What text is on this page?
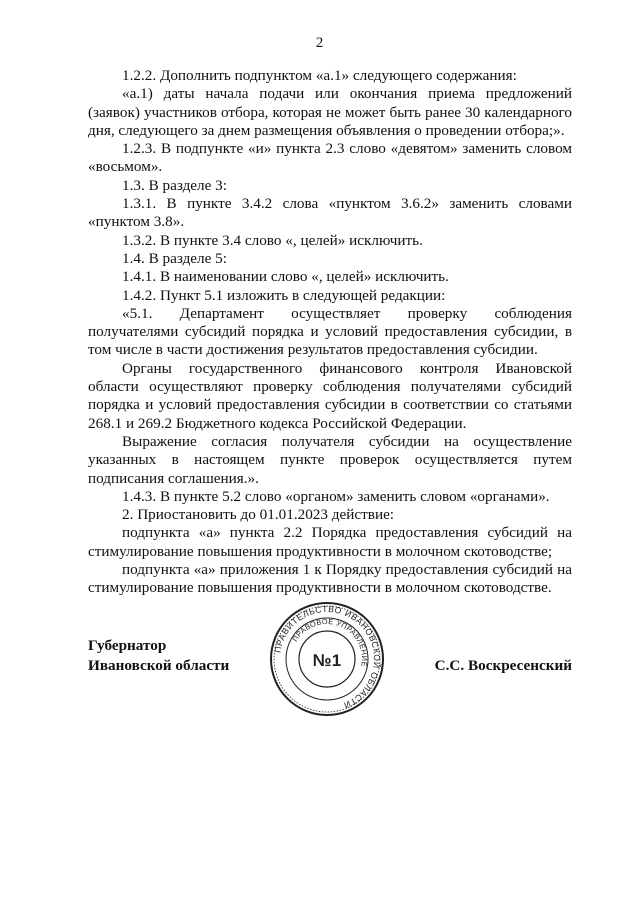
2

1.2.2. Дополнить подпунктом «а.1» следующего содержания:

«а.1) даты начала подачи или окончания приема предложений (заявок) участников отбора, которая не может быть ранее 30 календарного дня, следующего за днем размещения объявления о проведении отбора;».

1.2.3. В подпункте «и» пункта 2.3 слово «девятом» заменить словом «восьмом».

1.3. В разделе 3:

1.3.1. В пункте 3.4.2 слова «пунктом 3.6.2» заменить словами «пунктом 3.8».

1.3.2. В пункте 3.4 слово «, целей» исключить.

1.4. В разделе 5:

1.4.1. В наименовании слово «, целей» исключить.

1.4.2. Пункт 5.1 изложить в следующей редакции:

«5.1. Департамент осуществляет проверку соблюдения получателями субсидий порядка и условий предоставления субсидии, в том числе в части достижения результатов предоставления субсидии.

Органы государственного финансового контроля Ивановской области осуществляют проверку соблюдения получателями субсидий порядка и условий предоставления субсидии в соответствии со статьями 268.1 и 269.2 Бюджетного кодекса Российской Федерации.

Выражение согласия получателя субсидии на осуществление указанных в настоящем пункте проверок осуществляется путем подписания соглашения.».

1.4.3. В пункте 5.2 слово «органом» заменить словом «органами».

2. Приостановить до 01.01.2023 действие:

подпункта «а» пункта 2.2 Порядка предоставления субсидий на стимулирование повышения продуктивности в молочном скотоводстве;

подпункта «а» приложения 1 к Порядку предоставления субсидий на стимулирование повышения продуктивности в молочном скотоводстве.

Губернатор
Ивановской области
ПРАВИТЕЛЬСТВО ИВАНОВСКОЙ ОБЛАСТИ
ПРАВОВОЕ УПРАВЛЕНИЕ
№1	С.С. Воскресенский
